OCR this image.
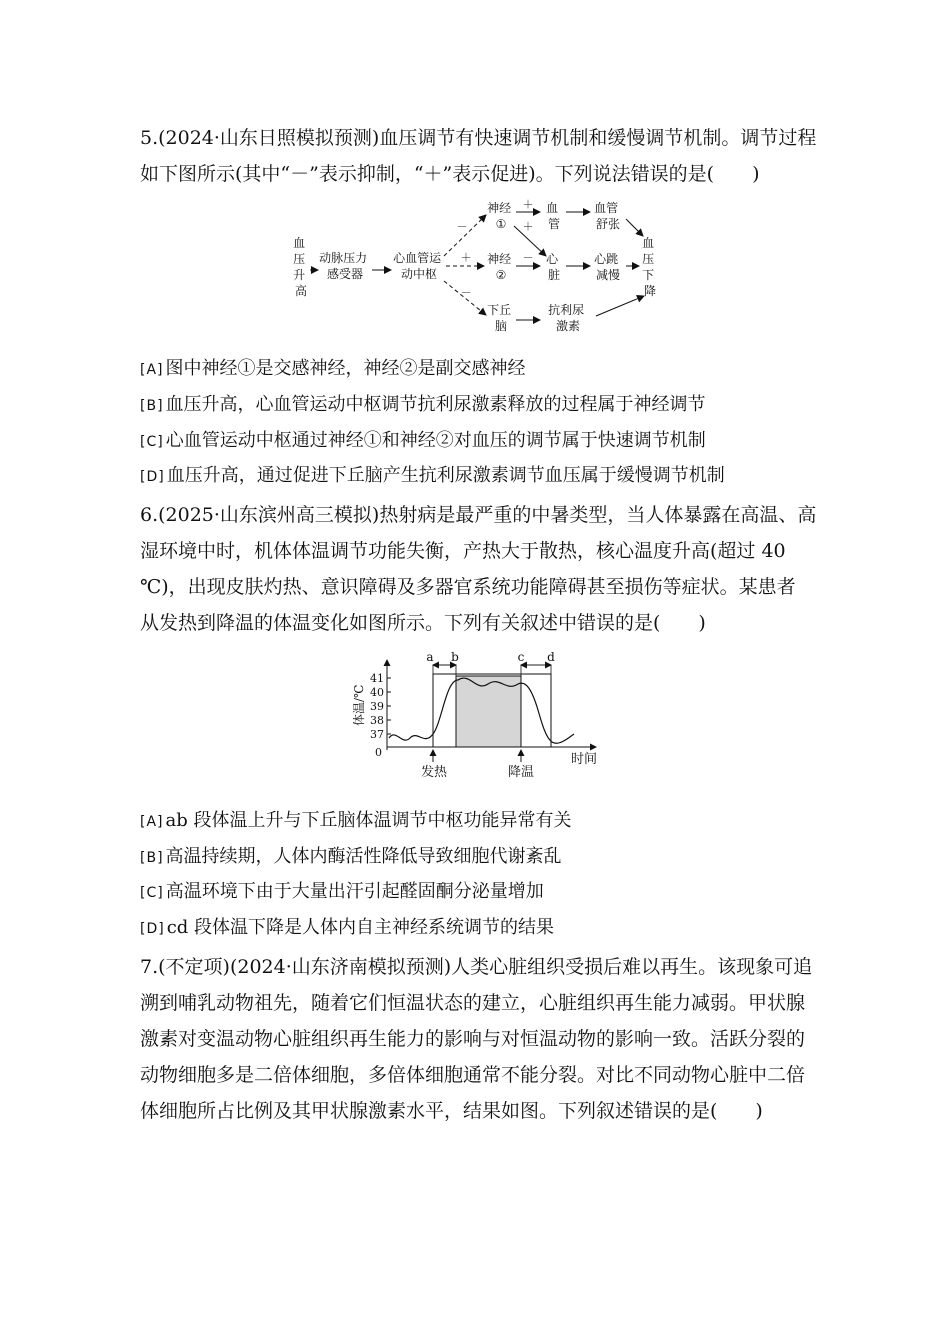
5.(2024·山东日照模拟预测)血压调节有快速调节机制和缓慢调节机制。调节过程
如下图所示(其中“－”表示抑制，“＋”表示促进)。下列说法错误的是(　　)
血 压 升 高
动脉压力 感受器
心血管运 动中枢
神经 ①
神经 ②
下丘 脑
血 管
心 脏
抗利尿 激素
血管 舒张
心跳 减慢
血 压 下 降
－
＋
＋
＋	－
－
[A] 图中神经①是交感神经，神经②是副交感神经
[B] 血压升高，心血管运动中枢调节抗利尿激素释放的过程属于神经调节
[C] 心血管运动中枢通过神经①和神经②对血压的调节属于快速调节机制
[D] 血压升高，通过促进下丘脑产生抗利尿激素调节血压属于缓慢调节机制
6.(2025·山东滨州高三模拟)热射病是最严重的中暑类型，当人体暴露在高温、高
湿环境中时，机体体温调节功能失衡，产热大于散热，核心温度升高(超过 40
℃)，出现皮肤灼热、意识障碍及多器官系统功能障碍甚至损伤等症状。某患者
从发热到降温的体温变化如图所示。下列有关叙述中错误的是(　　)
41
40
39
38
37
0
体温/℃
a b	c d
发热	降温
时间
[A] ab 段体温上升与下丘脑体温调节中枢功能异常有关
[B] 高温持续期，人体内酶活性降低导致细胞代谢紊乱
[C] 高温环境下由于大量出汗引起醛固酮分泌量增加
[D] cd 段体温下降是人体内自主神经系统调节的结果
7.(不定项)(2024·山东济南模拟预测)人类心脏组织受损后难以再生。该现象可追
溯到哺乳动物祖先，随着它们恒温状态的建立，心脏组织再生能力减弱。甲状腺
激素对变温动物心脏组织再生能力的影响与对恒温动物的影响一致。活跃分裂的
动物细胞多是二倍体细胞，多倍体细胞通常不能分裂。对比不同动物心脏中二倍
体细胞所占比例及其甲状腺激素水平，结果如图。下列叙述错误的是(　　)
